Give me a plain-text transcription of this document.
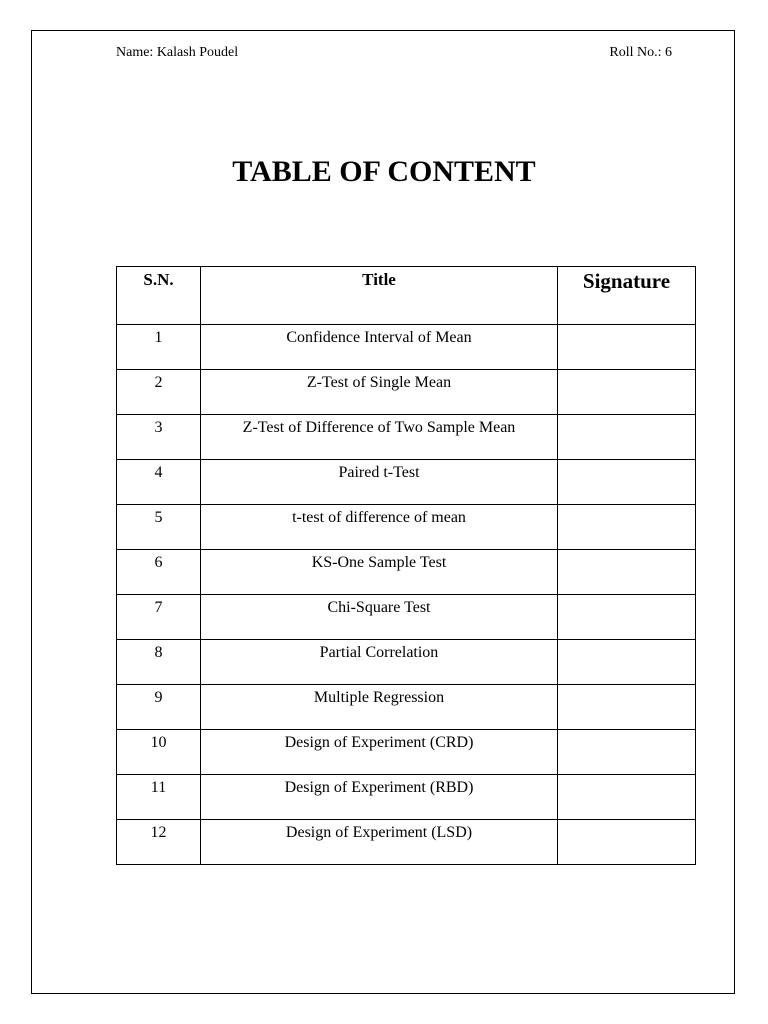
Name: Kalash Poudel	Roll No.: 6
TABLE OF CONTENT
S.N.	Title	Signature
1	Confidence Interval of Mean	
2	Z-Test of Single Mean	
3	Z-Test of Difference of Two Sample Mean	
4	Paired t-Test	
5	t-test of difference of mean	
6	KS-One Sample Test	
7	Chi-Square Test	
8	Partial Correlation	
9	Multiple Regression	
10	Design of Experiment (CRD)	
11	Design of Experiment (RBD)	
12	Design of Experiment (LSD)	
